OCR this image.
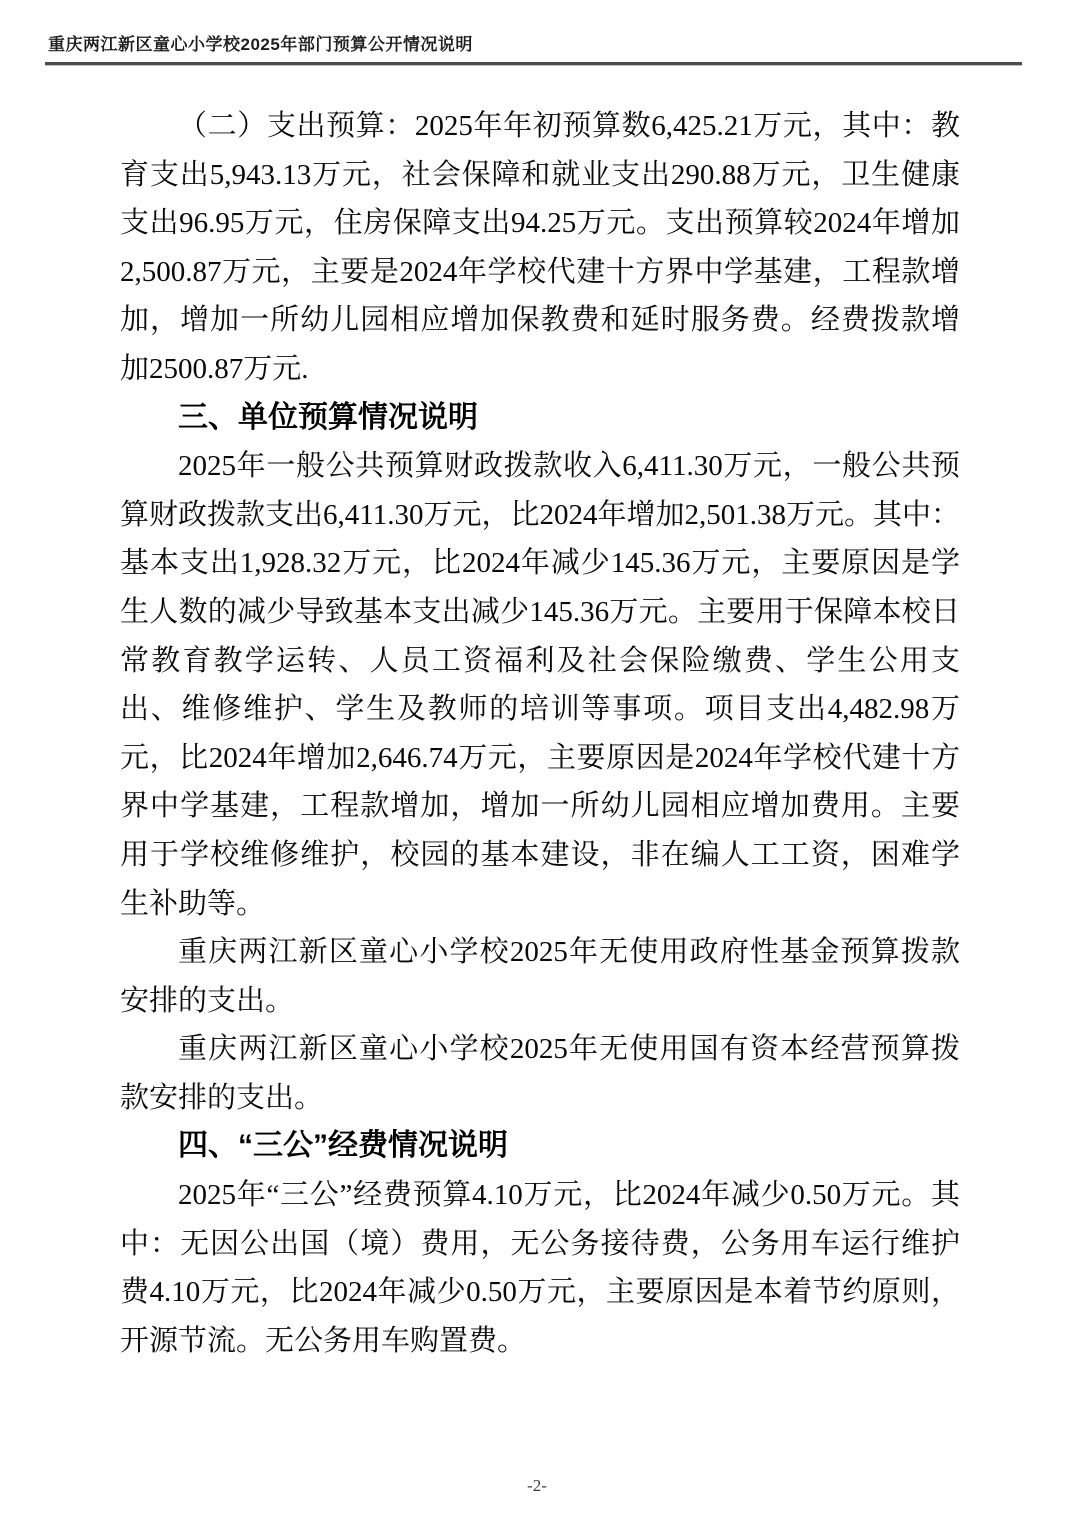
重庆两江新区童心小学校2025年部门预算公开情况说明

（二）支出预算：2025年年初预算数6,425.21万元，其中：教育支出5,943.13万元，社会保障和就业支出290.88万元，卫生健康支出96.95万元，住房保障支出94.25万元。支出预算较2024年增加2,500.87万元，主要是2024年学校代建十方界中学基建，工程款增加，增加一所幼儿园相应增加保教费和延时服务费。经费拨款增加2500.87万元.

三、单位预算情况说明

2025年一般公共预算财政拨款收入6,411.30万元，一般公共预算财政拨款支出6,411.30万元，比2024年增加2,501.38万元。其中：基本支出1,928.32万元，比2024年减少145.36万元，主要原因是学生人数的减少导致基本支出减少145.36万元。主要用于保障本校日常教育教学运转、人员工资福利及社会保险缴费、学生公用支出、维修维护、学生及教师的培训等事项。项目支出4,482.98万元，比2024年增加2,646.74万元，主要原因是2024年学校代建十方界中学基建，工程款增加，增加一所幼儿园相应增加费用。主要用于学校维修维护，校园的基本建设，非在编人工工资，困难学生补助等。

重庆两江新区童心小学校2025年无使用政府性基金预算拨款安排的支出。

重庆两江新区童心小学校2025年无使用国有资本经营预算拨款安排的支出。

四、“三公”经费情况说明

2025年“三公”经费预算4.10万元，比2024年减少0.50万元。其中：无因公出国（境）费用，无公务接待费，公务用车运行维护费4.10万元，比2024年减少0.50万元，主要原因是本着节约原则，开源节流。无公务用车购置费。

-2-
